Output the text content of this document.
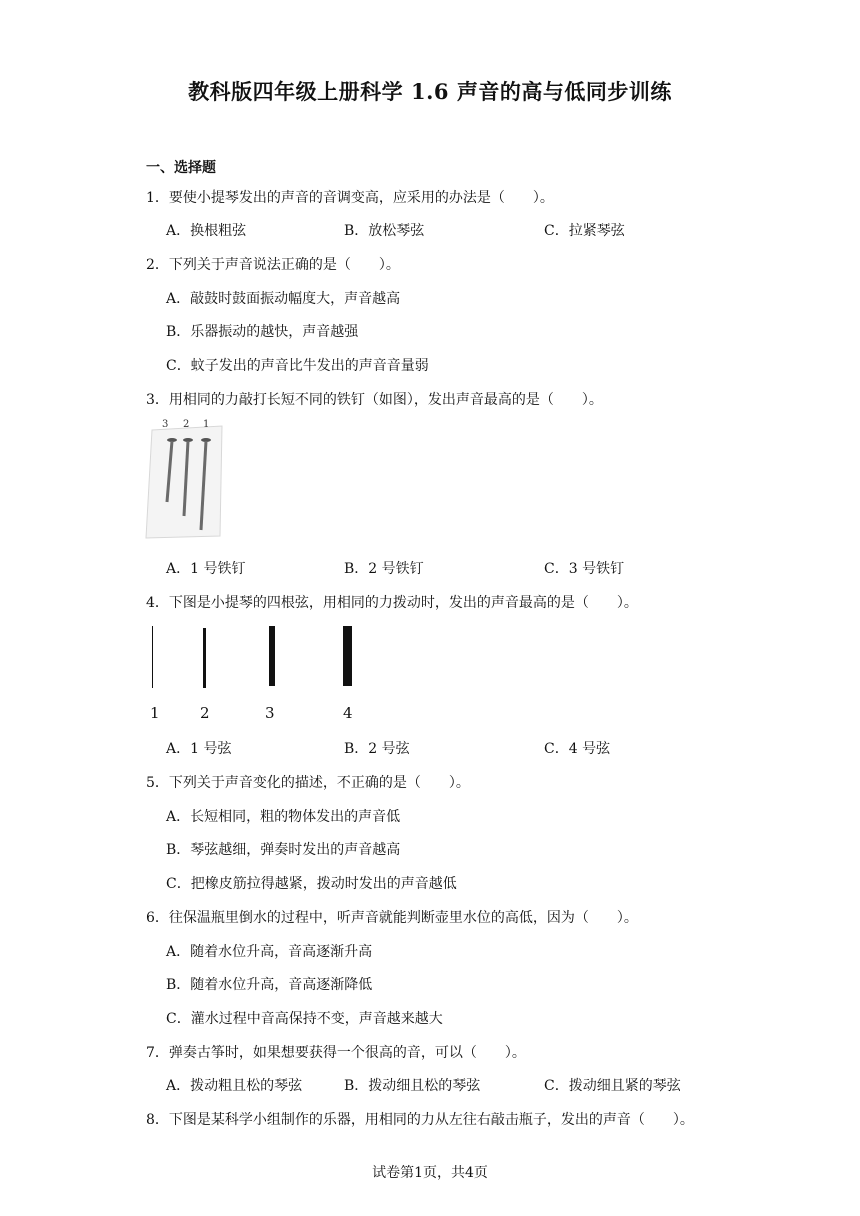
教科版四年级上册科学 1.6 声音的高与低同步训练
一、选择题
1．要使小提琴发出的声音的音调变高，应采用的办法是（　　）。
A．换根粗弦	B．放松琴弦	C．拉紧琴弦
2．下列关于声音说法正确的是（　　）。
A．敲鼓时鼓面振动幅度大，声音越高
B．乐器振动的越快，声音越强
C．蚊子发出的声音比牛发出的声音音量弱
3．用相同的力敲打长短不同的铁钉（如图），发出声音最高的是（　　）。
3 2 1
A．1 号铁钉	B．2 号铁钉	C．3 号铁钉
4．下图是小提琴的四根弦，用相同的力拨动时，发出的声音最高的是（　　）。
1	2	3	4
A．1 号弦	B．2 号弦	C．4 号弦
5．下列关于声音变化的描述，不正确的是（　　）。
A．长短相同，粗的物体发出的声音低
B．琴弦越细，弹奏时发出的声音越高
C．把橡皮筋拉得越紧，拨动时发出的声音越低
6．往保温瓶里倒水的过程中，听声音就能判断壶里水位的高低，因为（　　）。
A．随着水位升高，音高逐渐升高
B．随着水位升高，音高逐渐降低
C．灌水过程中音高保持不变，声音越来越大
7．弹奏古筝时，如果想要获得一个很高的音，可以（　　）。
A．拨动粗且松的琴弦	B．拨动细且松的琴弦	C．拨动细且紧的琴弦
8．下图是某科学小组制作的乐器，用相同的力从左往右敲击瓶子，发出的声音（　　）。
试卷第1页，共4页
